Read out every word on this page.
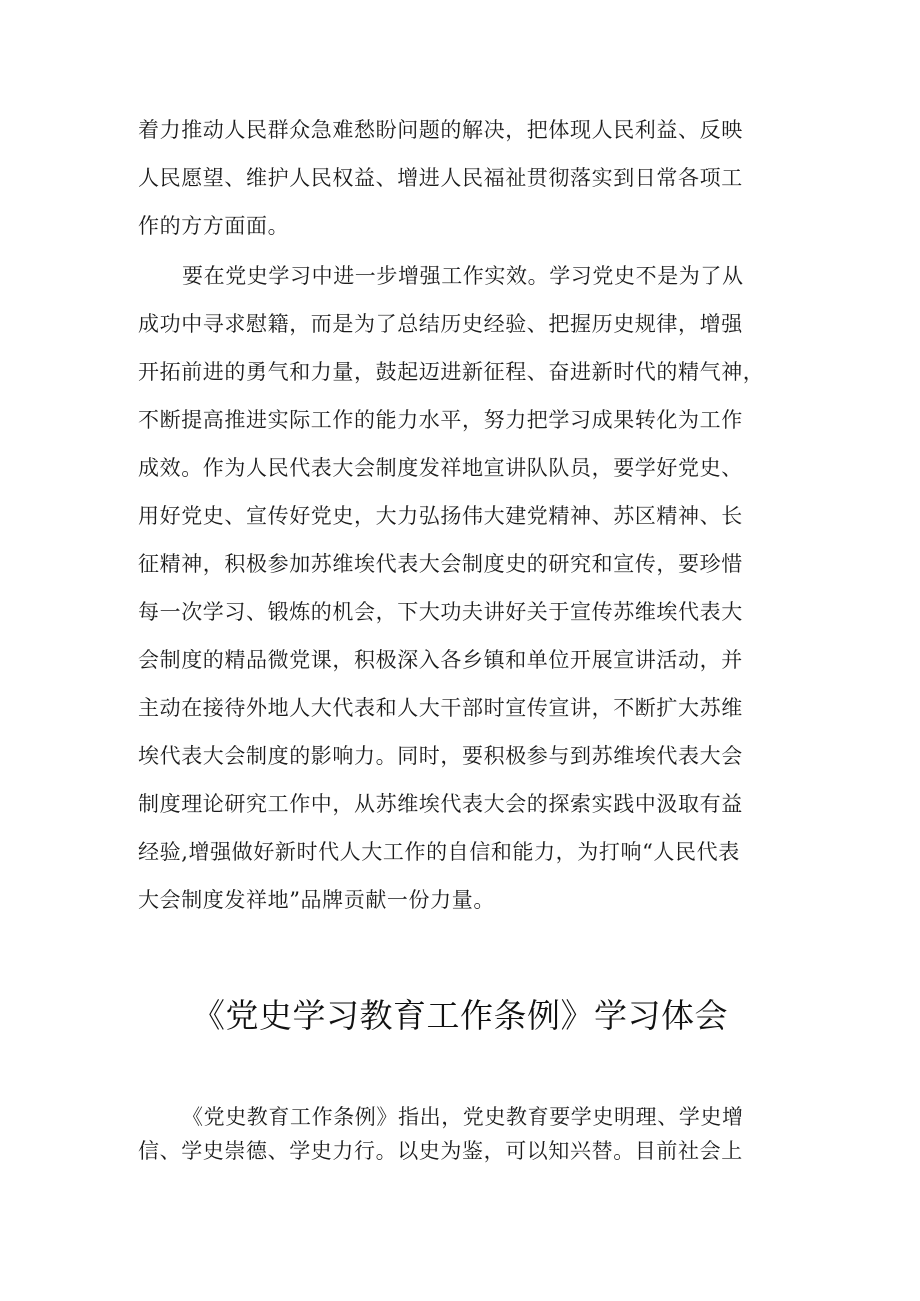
着力推动人民群众急难愁盼问题的解决，把体现人民利益、反映
人民愿望、维护人民权益、增进人民福祉贯彻落实到日常各项工
作的方方面面。
要在党史学习中进一步增强工作实效。学习党史不是为了从
成功中寻求慰籍，而是为了总结历史经验、把握历史规律，增强
开拓前进的勇气和力量，鼓起迈进新征程、奋进新时代的精气神，
不断提高推进实际工作的能力水平，努力把学习成果转化为工作
成效。作为人民代表大会制度发祥地宣讲队队员，要学好党史、
用好党史、宣传好党史，大力弘扬伟大建党精神、苏区精神、长
征精神，积极参加苏维埃代表大会制度史的研究和宣传，要珍惜
每一次学习、锻炼的机会，下大功夫讲好关于宣传苏维埃代表大
会制度的精品微党课，积极深入各乡镇和单位开展宣讲活动，并
主动在接待外地人大代表和人大干部时宣传宣讲，不断扩大苏维
埃代表大会制度的影响力。同时，要积极参与到苏维埃代表大会
制度理论研究工作中，从苏维埃代表大会的探索实践中汲取有益
经验,增强做好新时代人大工作的自信和能力，为打响“人民代表
大会制度发祥地”品牌贡献一份力量。
《党史学习教育工作条例》学习体会
《党史教育工作条例》指出，党史教育要学史明理、学史增
信、学史崇德、学史力行。以史为鉴，可以知兴替。目前社会上
